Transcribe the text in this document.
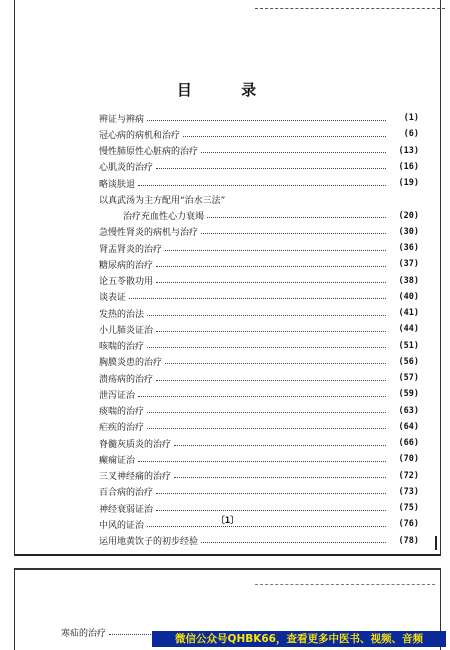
目 录
辨证与辨病	(1)
冠心病的病机和治疗	(6)
慢性肺原性心脏病的治疗	(13)
心肌炎的治疗	(16)
略谈肤退	(19)
以真武汤为主方配用“治水三法”
治疗充血性心力衰竭	(20)
急慢性肾炎的病机与治疗	(30)
肾盂肾炎的治疗	(36)
糖尿病的治疗	(37)
论五苓散功用	(38)
谈表证	(40)
发热的治法	(41)
小儿肺炎证治	(44)
咳喘的治疗	(51)
胸膜炎患的治疗	(56)
溃疡病的治疗	(57)
泄泻证治	(59)
痰喘的治疗	(63)
疟疾的治疗	(64)
脊髓灰质炎的治疗	(66)
癫痫证治	(70)
三叉神经痛的治疗	(72)
百合病的治疗	(73)
神经衰弱证治	(75)
中风的证治	(76)
运用地黄饮子的初步经验	(78)
〔1〕
寒疝的治疗	微信公众号QHBK66，查看更多中医书、视频、音频
